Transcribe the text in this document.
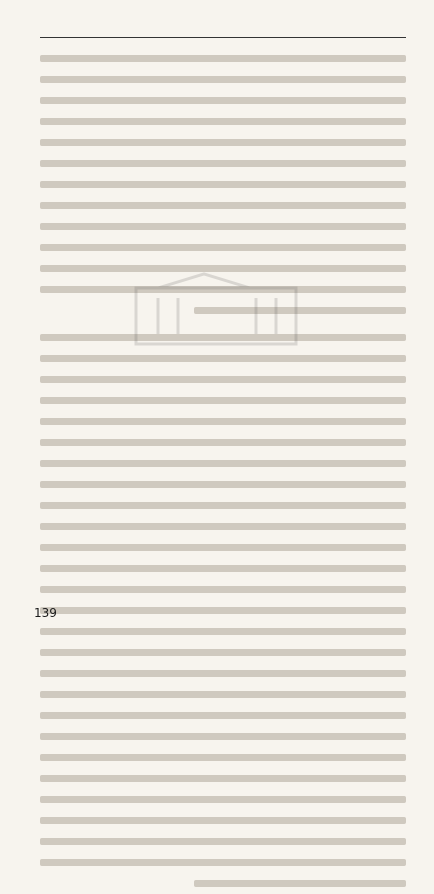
139
